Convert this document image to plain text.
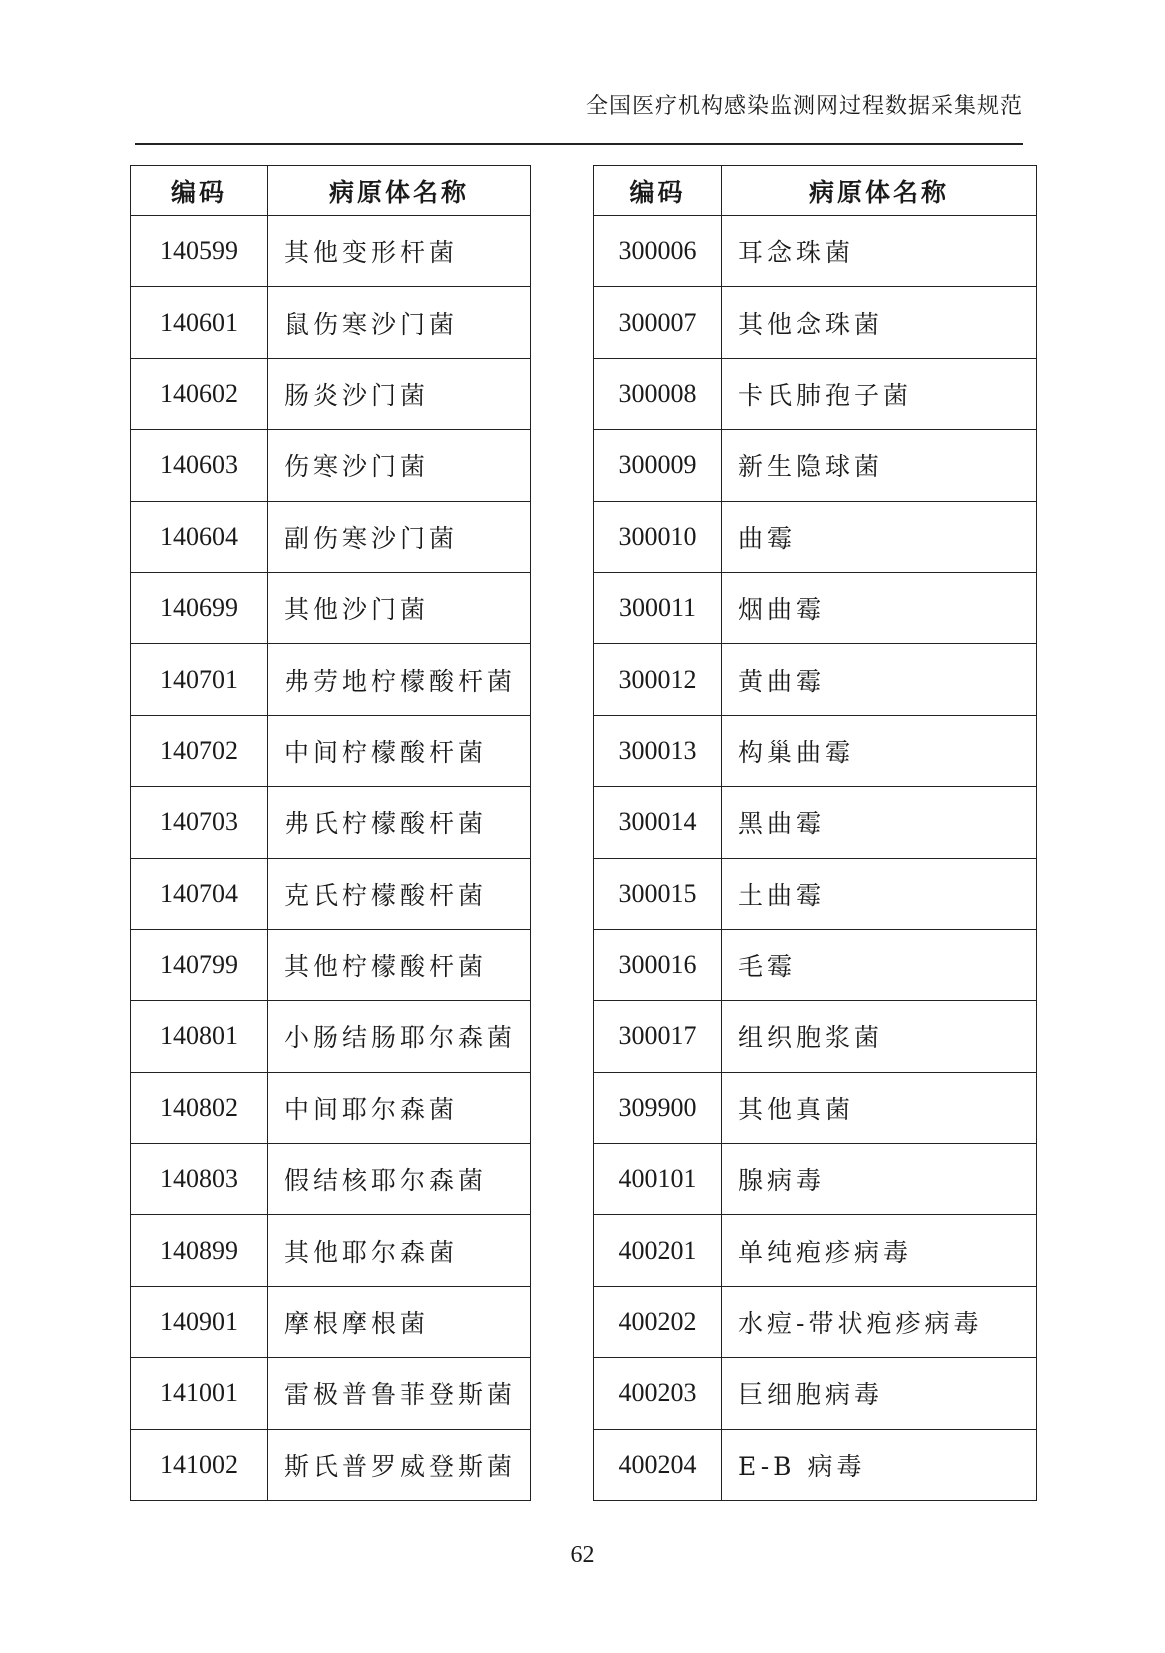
全国医疗机构感染监测网过程数据采集规范
编码	病原体名称
140599	其他变形杆菌
140601	鼠伤寒沙门菌
140602	肠炎沙门菌
140603	伤寒沙门菌
140604	副伤寒沙门菌
140699	其他沙门菌
140701	弗劳地柠檬酸杆菌
140702	中间柠檬酸杆菌
140703	弗氏柠檬酸杆菌
140704	克氏柠檬酸杆菌
140799	其他柠檬酸杆菌
140801	小肠结肠耶尔森菌
140802	中间耶尔森菌
140803	假结核耶尔森菌
140899	其他耶尔森菌
140901	摩根摩根菌
141001	雷极普鲁菲登斯菌
141002	斯氏普罗威登斯菌
编码	病原体名称
300006	耳念珠菌
300007	其他念珠菌
300008	卡氏肺孢子菌
300009	新生隐球菌
300010	曲霉
300011	烟曲霉
300012	黄曲霉
300013	构巢曲霉
300014	黑曲霉
300015	土曲霉
300016	毛霉
300017	组织胞浆菌
309900	其他真菌
400101	腺病毒
400201	单纯疱疹病毒
400202	水痘-带状疱疹病毒
400203	巨细胞病毒
400204	E-B 病毒
62
